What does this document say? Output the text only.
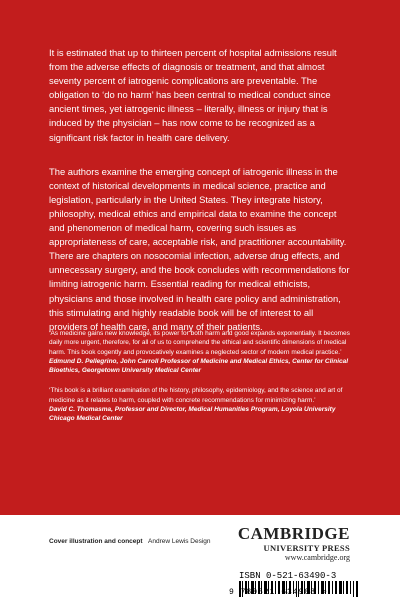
It is estimated that up to thirteen percent of hospital admissions result from the adverse effects of diagnosis or treatment, and that almost seventy percent of iatrogenic complications are preventable. The obligation to ‘do no harm’ has been central to medical conduct since ancient times, yet iatrogenic illness – literally, illness or injury that is induced by the physician – has now come to be recognized as a significant risk factor in health care delivery.

The authors examine the emerging concept of iatrogenic illness in the context of historical developments in medical science, practice and legislation, particularly in the United States. They integrate history, philosophy, medical ethics and empirical data to examine the concept and phenomenon of medical harm, covering such issues as appropriateness of care, acceptable risk, and practitioner accountability. There are chapters on nosocomial infection, adverse drug effects, and unnecessary surgery, and the book concludes with recommendations for limiting iatrogenic harm. Essential reading for medical ethicists, physicians and those involved in health care policy and administration, this stimulating and highly readable book will be of interest to all providers of health care, and many of their patients.

‘As medicine gains new knowledge, its power for both harm and good expands exponentially. It becomes daily more urgent, therefore, for all of us to comprehend the ethical and scientific dimensions of medical harm. This book cogently and provocatively examines a neglected sector of modern medical practice.’
Edmund D. Pellegrino, John Carroll Professor of Medicine and Medical Ethics, Center for Clinical Bioethics, Georgetown University Medical Center
‘This book is a brilliant examination of the history, philosophy, epidemiology, and the science and art of medicine as it relates to harm, coupled with concrete recommendations for minimizing harm.’
David C. Thomasma, Professor and Director, Medical Humanities Program, Loyola University Chicago Medical Center
Cover illustration and concept Andrew Lewis Design CAMBRIDGE
UNIVERSITY PRESS
www.cambridge.org
ISBN 0-521-63490-3
9 780521 634908 >
